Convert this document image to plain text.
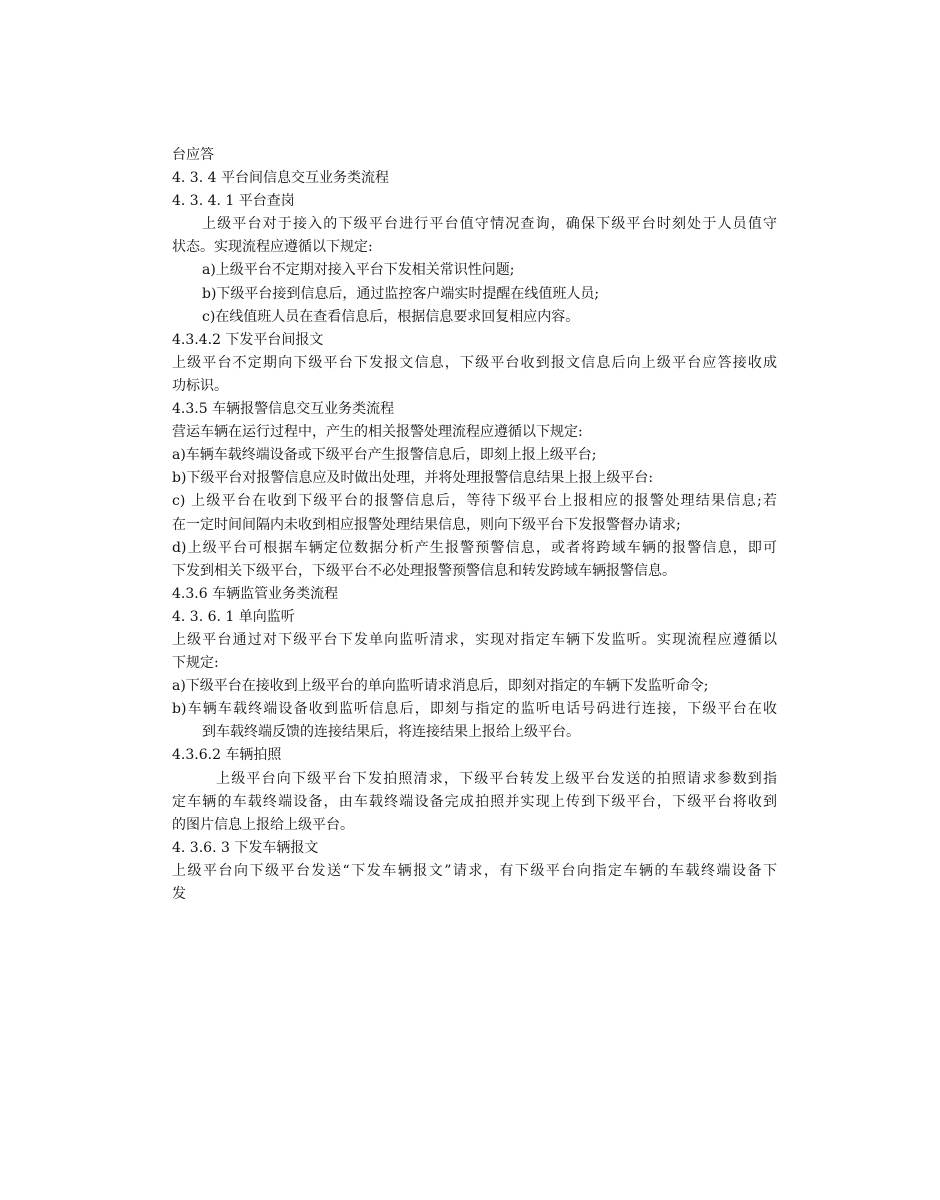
台应答
4. 3. 4 平台间信息交互业务类流程
4. 3. 4. 1 平台查岗
上级平台对于接入的下级平台进行平台值守情况查询，确保下级平台时刻处于人员值守
状态。实现流程应遵循以下规定:
a)上级平台不定期对接入平台下发相关常识性问题;
b)下级平台接到信息后，通过监控客户端实时提醒在线值班人员;
c)在线值班人员在查看信息后，根据信息要求回复相应内容。
4.3.4.2 下发平台间报文
上级平台不定期向下级平台下发报文信息，下级平台收到报文信息后向上级平台应答接收成
功标识。
4.3.5 车辆报警信息交互业务类流程
营运车辆在运行过程中，产生的相关报警处理流程应遵循以下规定:
a)车辆车载终端设备或下级平台产生报警信息后，即刻上报上级平台;
b)下级平台对报警信息应及时做出处理，并将处理报警信息结果上报上级平台:
c) 上级平台在收到下级平台的报警信息后，等待下级平台上报相应的报警处理结果信息;若
在一定时间间隔内未收到相应报警处理结果信息，则向下级平台下发报警督办请求;
d)上级平台可根据车辆定位数据分析产生报警预警信息，或者将跨域车辆的报警信息，即可
下发到相关下级平台，下级平台不必处理报警预警信息和转发跨域车辆报警信息。
4.3.6 车辆监管业务类流程
4. 3. 6. 1 单向监听
上级平台通过对下级平台下发单向监听清求，实现对指定车辆下发监听。实现流程应遵循以
下规定:
a)下级平台在接收到上级平台的单向监听请求消息后，即刻对指定的车辆下发监听命令;
b)车辆车载终端设备收到监听信息后，即刻与指定的监听电话号码进行连接，下级平台在收
到车载终端反馈的连接结果后，将连接结果上报给上级平台。
4.3.6.2 车辆拍照
上级平台向下级平台下发拍照清求，下级平台转发上级平台发送的拍照请求参数到指
定车辆的车载终端设备，由车载终端设备完成拍照并实现上传到下级平台，下级平台将收到
的图片信息上报给上级平台。
4. 3.6. 3 下发车辆报文
上级平台向下级平台发送“下发车辆报文”请求，有下级平台向指定车辆的车载终端设备下
发
